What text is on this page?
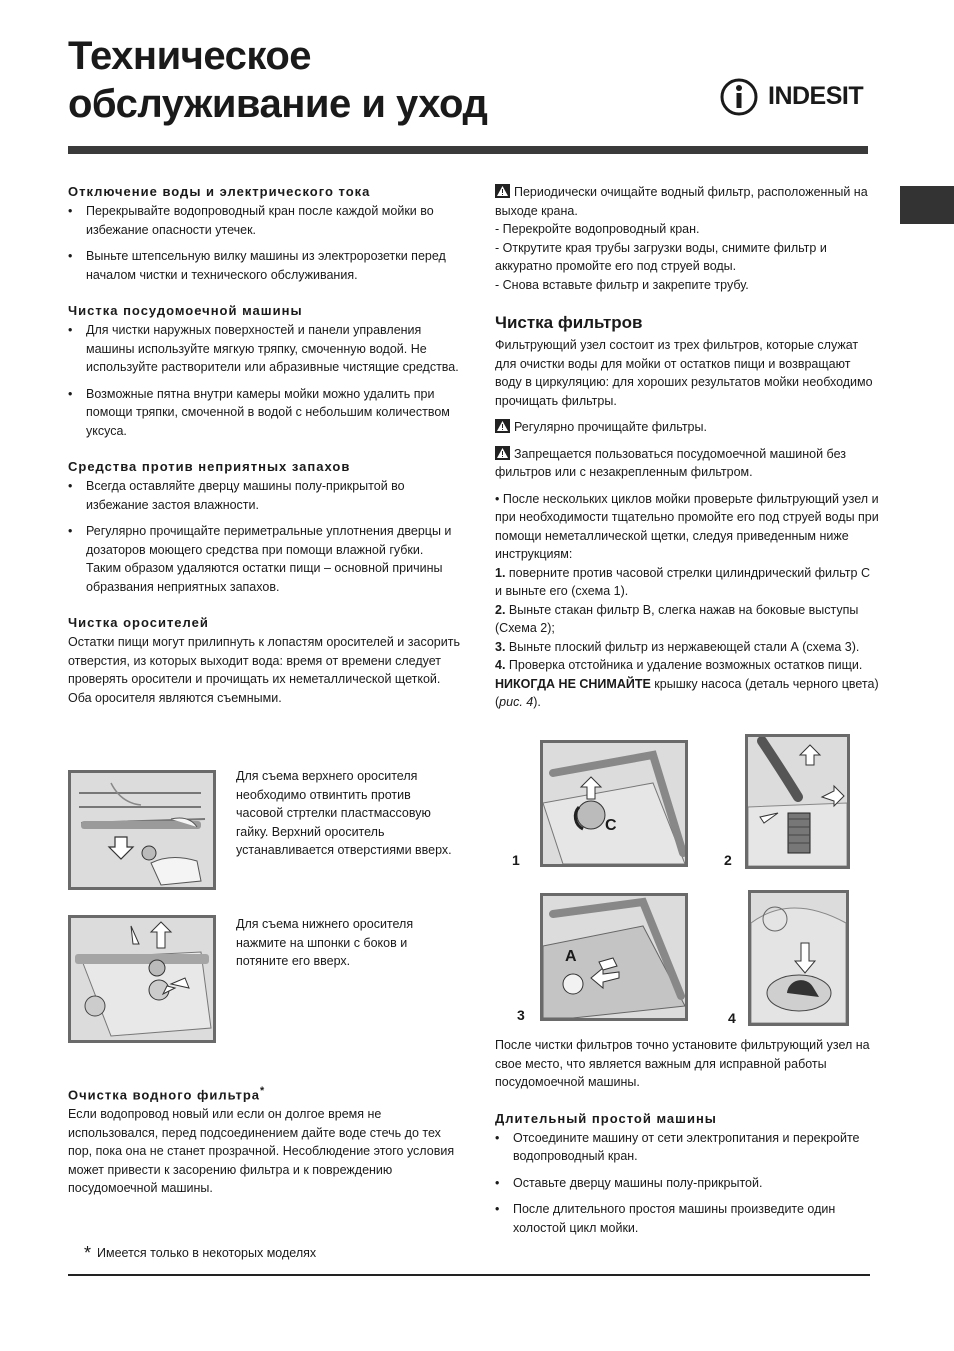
Техническое
обслуживание и уход	INDESIT
Отключение воды и электрического тока
• Перекрывайте водопроводный кран после каждой мойки во избежание опасности утечек.
• Выньте штепсельную вилку машины из электророзетки перед началом чистки и технического обслуживания.
Чистка посудомоечной машины
• Для чистки наружных поверхностей и панели управления машины используйте мягкую тряпку, смоченную водой. Не используйте растворители или абразивные чистящие средства.
• Возможные пятна внутри камеры мойки можно удалить при помощи тряпки, смоченной в водой с небольшим количеством уксуса.
Средства против неприятных запахов
• Всегда оставляйте дверцу машины полу-прикрытой во избежание застоя влажности.
• Регулярно прочищайте периметральные уплотнения дверцы и дозаторов моющего средства при помощи влажной губки. Таким образом удаляются остатки пищи – основной причины образвания неприятных запахов.
Чистка оросителей

Остатки пищи могут прилипнуть к лопастям оросителей и засорить отверстия, из которых выходит вода: время от времени следует проверять оросители и прочищать их неметаллической щеткой.

Оба оросителя являются съемными.

Для съема верхнего оросителя необходимо отвинтить против часовой стртелки пластмассовую гайку. Верхний ороситель устанавливается отверстиями вверх.
Для съема нижнего оросителя нажмите на шпонки с боков и потяните его вверх.
Очистка водного фильтра*

Если водопровод новый или если он долгое время не использовался, перед подсоединением дайте воде стечь до тех пор, пока она не станет прозрачной. Несоблюдение этого условия может привести к засорению фильтра и к повреждению посудомоечной машины.

* Имеется только в некоторых моделях

Периодически очищайте водный фильтр, расположенный на выходе крана.

- Перекройте водопроводный кран.

- Открутите края трубы загрузки воды, снимите фильтр и аккуратно промойте его под струей воды.

- Снова вставьте фильтр и закрепите трубу.

Чистка фильтров

Фильтрующий узел состоит из трех фильтров, которые служат для очистки воды для мойки от остатков пищи и возвращают воду в циркуляцию: для хороших результатов мойки необходимо прочищать фильтры.

Регулярно прочищайте фильтры.

Запрещается пользоваться посудомоечной машиной без фильтров или с незакрепленным фильтром.

• После нескольких циклов мойки проверьте фильтрующий узел и при необходимости тщательно промойте его под струей воды при помощи неметаллической щетки, следуя приведенным ниже инструкциям:

1. поверните против часовой стрелки цилиндрический фильтр С и выньте его (схема 1).

2. Выньте стакан фильтр В, слегка нажав на боковые выступы (Схема 2);

3. Выньте плоский фильтр из нержавеющей стали А (схема 3).

4. Проверка отстойника и удаление возможных остатков пищи. НИКОГДА НЕ СНИМАЙТЕ крышку насоса (деталь черного цвета) (рис. 4).

C
1	2
A
3	4

После чистки фильтров точно установите фильтрующий узел на свое место, что является важным для исправной работы посудомоечной машины.

Длительный простой машины
• Отсоедините машину от сети электропитания и перекройте водопроводный кран.
• Оставьте дверцу машины полу-прикрытой.
• После длительного простоя машины произведите один холостой цикл мойки.
